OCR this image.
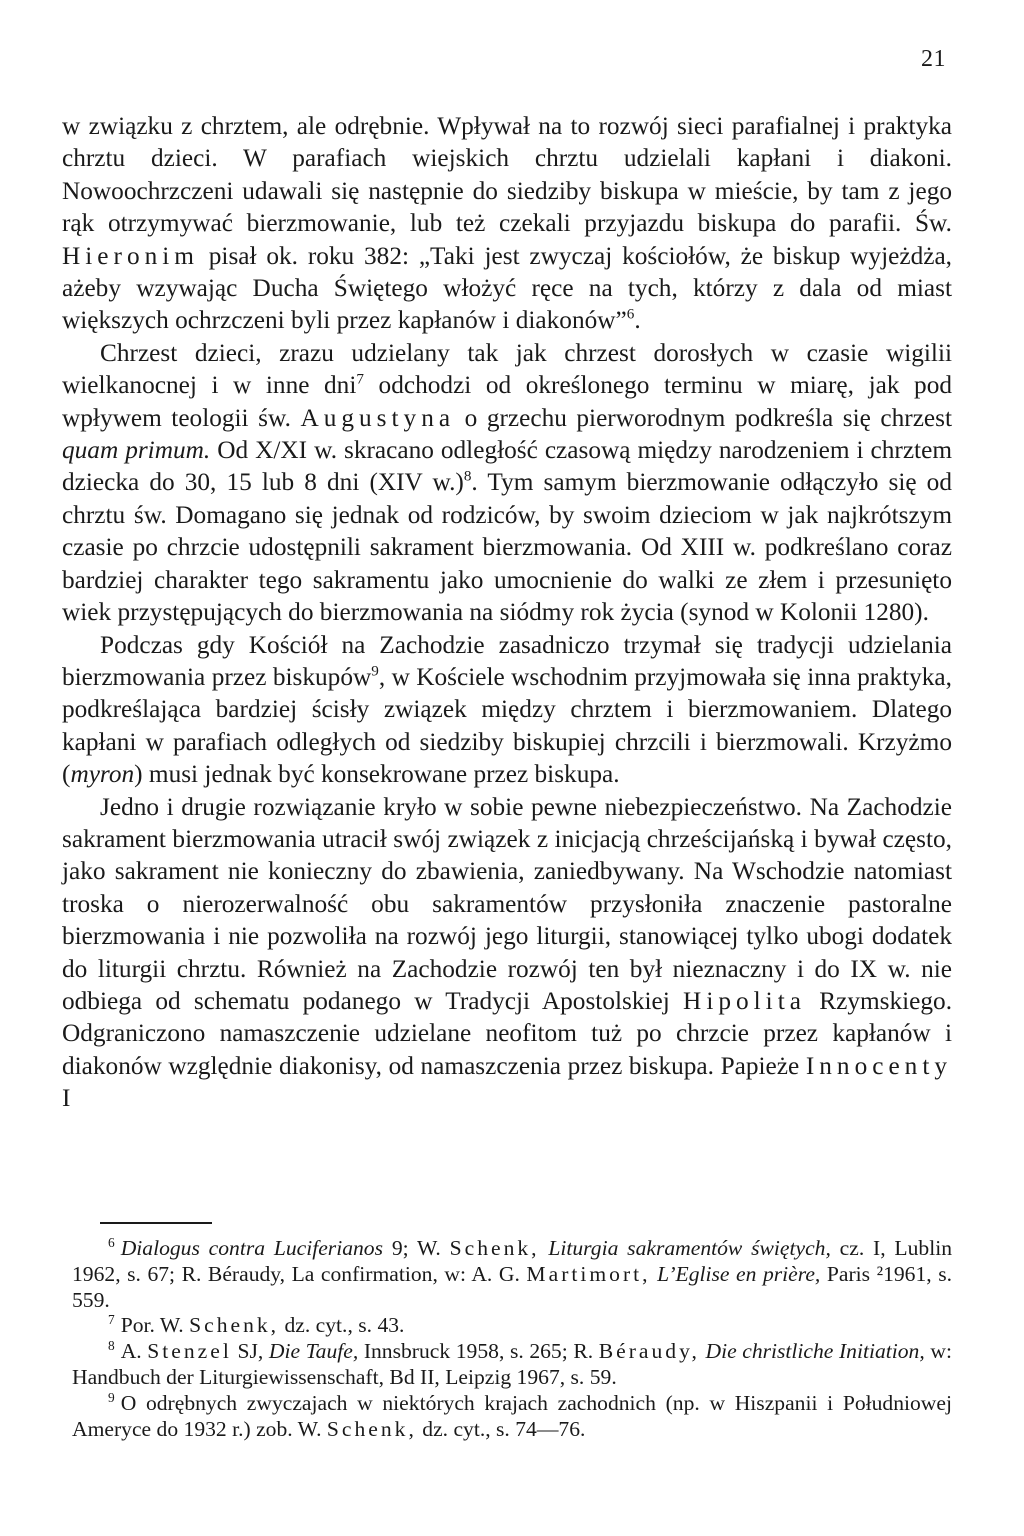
21

w związku z chrztem, ale odrębnie. Wpływał na to rozwój sieci parafialnej i praktyka chrztu dzieci. W parafiach wiejskich chrztu udzielali kapłani i diakoni. Nowoochrzczeni udawali się następnie do siedziby biskupa w mieście, by tam z jego rąk otrzymywać bierzmowanie, lub też czekali przyjazdu biskupa do parafii. Św. Hieronim pisał ok. roku 382: „Taki jest zwyczaj kościołów, że biskup wyjeżdża, ażeby wzywając Ducha Świętego włożyć ręce na tych, którzy z dala od miast większych ochrzczeni byli przez kapłanów i diakonów”$^6$.

Chrzest dzieci, zrazu udzielany tak jak chrzest dorosłych w czasie wigilii wielkanocnej i w inne dni$^7$ odchodzi od określonego terminu w miarę, jak pod wpływem teologii św. Augustyna o grzechu pierworodnym podkreśla się chrzest quam primum. Od X/XI w. skracano odległość czasową między narodzeniem i chrztem dziecka do 30, 15 lub 8 dni (XIV w.)$^8$. Tym samym bierzmowanie odłączyło się od chrztu św. Domagano się jednak od rodziców, by swoim dzieciom w jak najkrótszym czasie po chrzcie udostępnili sakrament bierzmowania. Od XIII w. podkreślano coraz bardziej charakter tego sakramentu jako umocnienie do walki ze złem i przesunięto wiek przystępujących do bierzmowania na siódmy rok życia (synod w Kolonii 1280).

Podczas gdy Kościół na Zachodzie zasadniczo trzymał się tradycji udzielania bierzmowania przez biskupów$^9$, w Kościele wschodnim przyjmowała się inna praktyka, podkreślająca bardziej ścisły związek między chrztem i bierzmowaniem. Dlatego kapłani w parafiach odległych od siedziby biskupiej chrzcili i bierzmowali. Krzyżmo (myron) musi jednak być konsekrowane przez biskupa.

Jedno i drugie rozwiązanie kryło w sobie pewne niebezpieczeństwo. Na Zachodzie sakrament bierzmowania utracił swój związek z inicjacją chrześcijańską i bywał często, jako sakrament nie konieczny do zbawienia, zaniedbywany. Na Wschodzie natomiast troska o nierozerwalność obu sakramentów przysłoniła znaczenie pastoralne bierzmowania i nie pozwoliła na rozwój jego liturgii, stanowiącej tylko ubogi dodatek do liturgii chrztu. Również na Zachodzie rozwój ten był nieznaczny i do IX w. nie odbiega od schematu podanego w Tradycji Apostolskiej Hipolita Rzymskiego. Odgraniczono namaszczenie udzielane neofitom tuż po chrzcie przez kapłanów i diakonów względnie diakonisy, od namaszczenia przez biskupa. Papieże Innocenty I

$^6$ Dialogus contra Luciferianos 9; W. Schenk, Liturgia sakramentów świętych, cz. I, Lublin 1962, s. 67; R. Béraudy, La confirmation, w: A. G. Martimort, L’Eglise en prière, Paris ²1961, s. 559.

$^7$ Por. W. Schenk, dz. cyt., s. 43.

$^8$ A. Stenzel SJ, Die Taufe, Innsbruck 1958, s. 265; R. Béraudy, Die christliche Initiation, w: Handbuch der Liturgiewissenschaft, Bd II, Leipzig 1967, s. 59.

$^9$ O odrębnych zwyczajach w niektórych krajach zachodnich (np. w Hiszpanii i Południowej Ameryce do 1932 r.) zob. W. Schenk, dz. cyt., s. 74—76.
